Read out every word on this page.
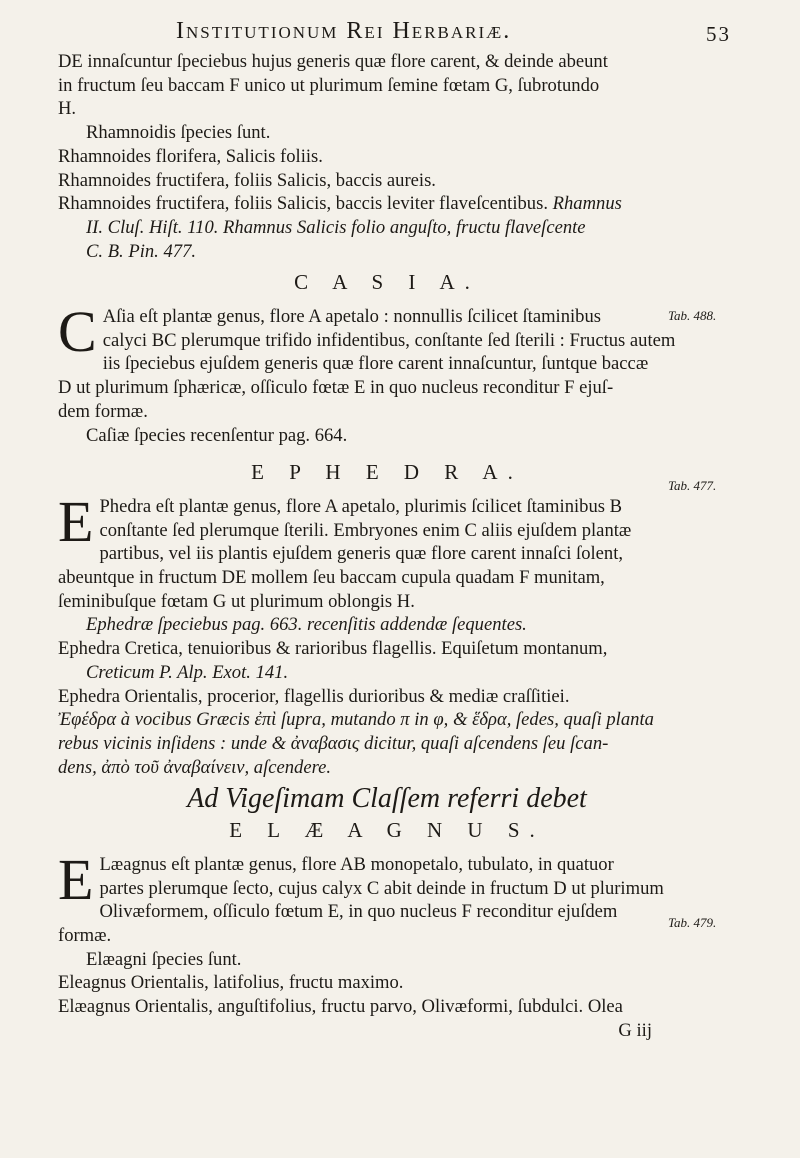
Institutionum Rei Herbariæ.	53

DE innaſcuntur ſpeciebus hujus generis quæ flore carent, & deinde abeunt

in fructum ſeu baccam F unico ut plurimum ſemine fœtam G, ſubrotundo

H.

Rhamnoidis ſpecies ſunt.

Rhamnoides florifera, Salicis foliis.

Rhamnoides fructifera, foliis Salicis, baccis aureis.

Rhamnoides fructifera, foliis Salicis, baccis leviter flaveſcentibus. Rhamnus

II. Cluſ. Hiſt. 110. Rhamnus Salicis folio anguſto, fructu flaveſcente

C. B. Pin. 477.

C A S I A.
C Aſia eſt plantæ genus, flore A apetalo : nonnullis ſcilicet ſtaminibus

calyci BC plerumque trifido infidentibus, conſtante ſed ſterili : Fructus autem

iis ſpeciebus ejuſdem generis quæ flore carent innaſcuntur, ſuntque baccæ

D ut plurimum ſphæricæ, oſſiculo fœtæ E in quo nucleus reconditur F ejuſ-

dem formæ.

Caſiæ ſpecies recenſentur pag. 664.

E P H E D R A.
E Phedra eſt plantæ genus, flore A apetalo, plurimis ſcilicet ſtaminibus B

conſtante ſed plerumque ſterili. Embryones enim C aliis ejuſdem plantæ

partibus, vel iis plantis ejuſdem generis quæ flore carent innaſci ſolent,

abeuntque in fructum DE mollem ſeu baccam cupula quadam F munitam,

ſeminibuſque fœtam G ut plurimum oblongis H.

Ephedræ ſpeciebus pag. 663. recenſitis addendæ ſequentes.

Ephedra Cretica, tenuioribus & rarioribus flagellis. Equiſetum montanum,

Creticum P. Alp. Exot. 141.

Ephedra Orientalis, procerior, flagellis durioribus & mediæ craſſitiei.

Ἐφέδρα à vocibus Græcis ἐπὶ ſupra, mutando π in φ, & ἕδρα, ſedes, quaſi planta

rebus vicinis inſidens : unde & ἀναβασις dicitur, quaſi aſcendens ſeu ſcan-

dens, ἀπὸ τοῦ ἀναβαίνειν, aſcendere.

Ad Vigeſimam Claſſem referri debet
E L Æ A G N U S.
E Læagnus eſt plantæ genus, flore AB monopetalo, tubulato, in quatuor

partes plerumque ſecto, cujus calyx C abit deinde in fructum D ut plurimum

Olivæformem, oſſiculo fœtum E, in quo nucleus F reconditur ejuſdem

formæ.

Elæagni ſpecies ſunt.

Eleagnus Orientalis, latifolius, fructu maximo.

Elæagnus Orientalis, anguſtifolius, fructu parvo, Olivæformi, ſubdulci. Olea

G iij

Tab. 488.
Tab. 477.
Tab. 479.
